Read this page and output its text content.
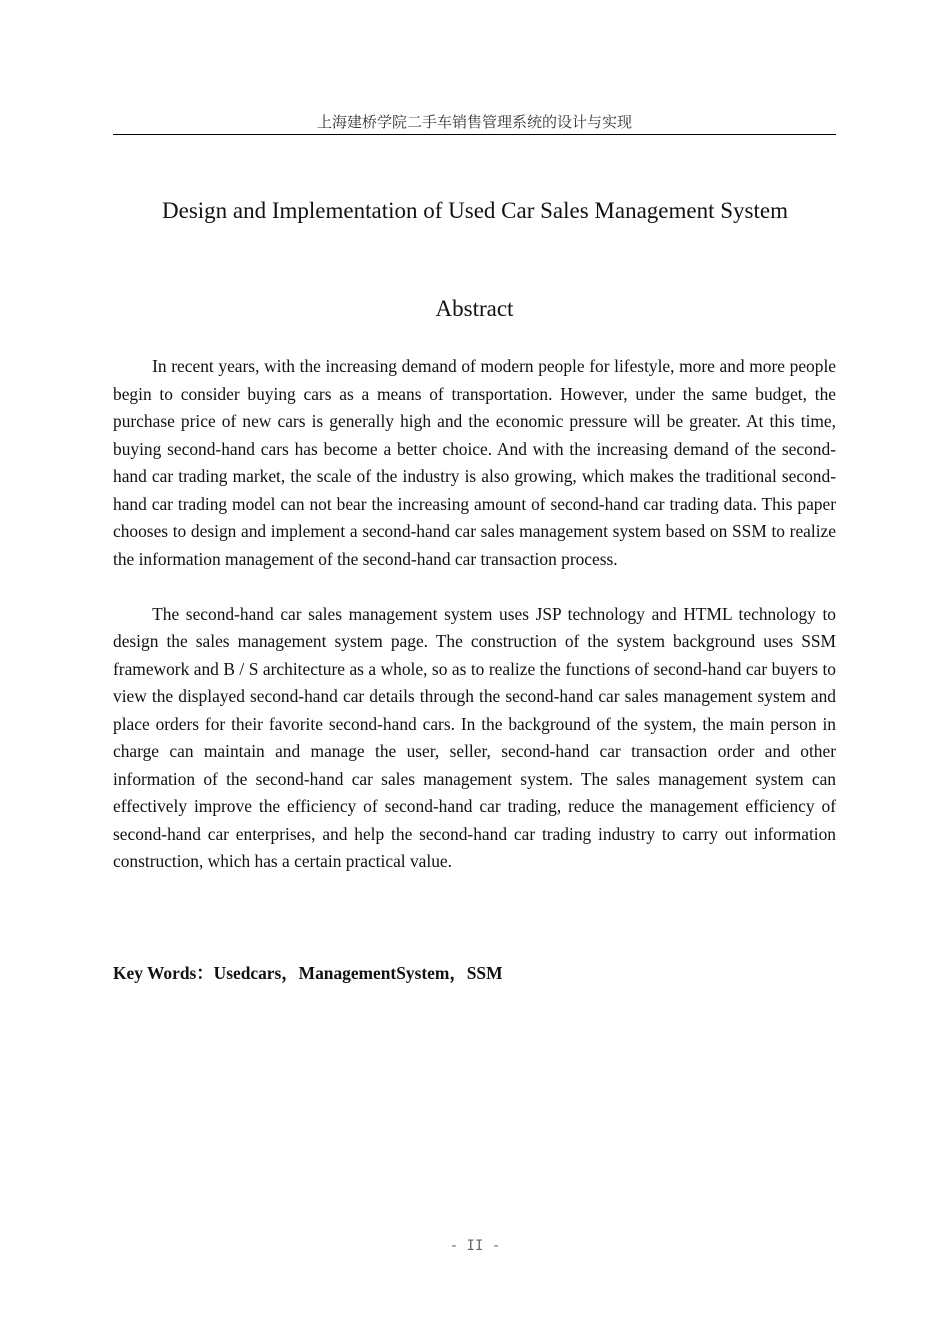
上海建桥学院二手车销售管理系统的设计与实现
Design and Implementation of Used Car Sales Management System
Abstract

In recent years, with the increasing demand of modern people for lifestyle, more and more people begin to consider buying cars as a means of transportation. However, under the same budget, the purchase price of new cars is generally high and the economic pressure will be greater. At this time, buying second-hand cars has become a better choice. And with the increasing demand of the second-hand car trading market, the scale of the industry is also growing, which makes the traditional second-hand car trading model can not bear the increasing amount of second-hand car trading data. This paper chooses to design and implement a second-hand car sales management system based on SSM to realize the information management of the second-hand car transaction process.

The second-hand car sales management system uses JSP technology and HTML technology to design the sales management system page. The construction of the system background uses SSM framework and B / S architecture as a whole, so as to realize the functions of second-hand car buyers to view the displayed second-hand car details through the second-hand car sales management system and place orders for their favorite second-hand cars. In the background of the system, the main person in charge can maintain and manage the user, seller, second-hand car transaction order and other information of the second-hand car sales management system. The sales management system can effectively improve the efficiency of second-hand car trading, reduce the management efficiency of second-hand car enterprises, and help the second-hand car trading industry to carry out information construction, which has a certain practical value.

Key Words：Usedcars，ManagementSystem，SSM
- II -
